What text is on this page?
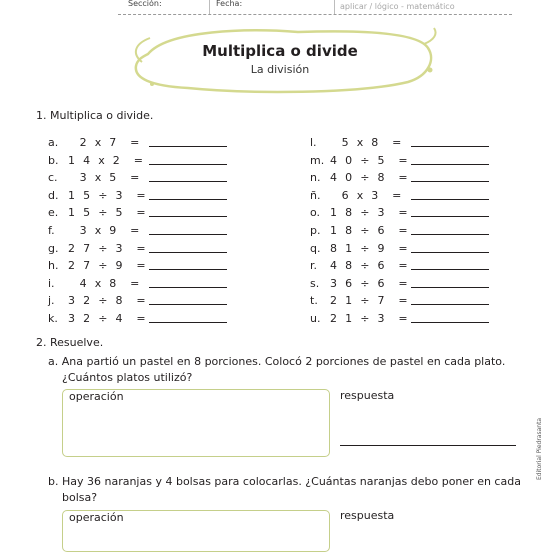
Sección:	Fecha:	aplicar / lógico - matemático
Multiplica o divide
La división
1. Multiplica o divide.
a. 2 x 7  =
b. 1 4 x 2  =
c. 3 x 5  =
d. 1 5 ÷ 3  =
e. 1 5 ÷ 5  =
f. 3 x 9  =
g. 2 7 ÷ 3  =
h. 2 7 ÷ 9  =
i. 4 x 8  =
j. 3 2 ÷ 8  =
k. 3 2 ÷ 4  =
l. 5 x 8  =
m. 4 0 ÷ 5  =
n. 4 0 ÷ 8  =
ñ. 6 x 3  =
o. 1 8 ÷ 3  =
p. 1 8 ÷ 6  =
q. 8 1 ÷ 9  =
r. 4 8 ÷ 6  =
s. 3 6 ÷ 6  =
t. 2 1 ÷ 7  =
u. 2 1 ÷ 3  =
2. Resuelve.
a. Ana partió un pastel en 8 porciones. Colocó 2 porciones de pastel en cada plato.
¿Cuántos platos utilizó?
operación	respuesta
b. Hay 36 naranjas y 4 bolsas para colocarlas. ¿Cuántas naranjas debo poner en cada
bolsa?
operación	respuesta
Editorial Piedrasanta
